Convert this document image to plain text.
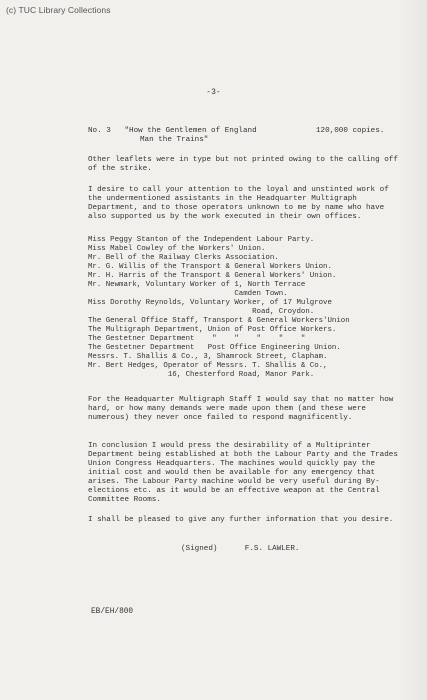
(c) TUC Library Collections
-3-
No. 3 "How the Gentlemen of England
Man the Trains"
120,000 copies.
Other leaflets were in type but not printed owing to the calling off of the strike.
I desire to call your attention to the loyal and unstinted work of the undermentioned assistants in the Headquarter Multigraph Department, and to those operators unknown to me by name who have also supported us by the work executed in their own offices.
Miss Peggy Stanton of the Independent Labour Party.
Miss Mabel Cowley of the Workers' Union.
Mr. Bell of the Railway Clerks Association.
Mr. G. Willis of the Transport & General Workers Union.
Mr. H. Harris of the Transport & General Workers' Union.
Mr. Newmark, Voluntary Worker of 1, North Terrace
Camden Town.
Miss Dorothy Reynolds, Voluntary Worker, of 17 Mulgrove
Road, Croydon.
The General Office Staff, Transport & General Workers'Union
The Multigraph Department, Union of Post Office Workers.
The Gestetner Department    "    "    "    "    "
The Gestetner Department   Post Office Engineering Union.
Messrs. T. Shallis & Co., 3, Shamrock Street, Clapham.
Mr. Bert Hedges, Operator of Messrs. T. Shallis & Co.,
16, Chesterford Road, Manor Park.
For the Headquarter Multigraph Staff I would say that no matter how hard, or how many demands were made upon them (and these were numerous) they never once failed to respond magnificently.
In conclusion I would press the desirability of a Multiprinter Department being established at both the Labour Party and the Trades Union Congress Headquarters. The machines would quickly pay the initial cost and would then be available for any emergency that arises. The Labour Party machine would be very useful during By-elections etc. as it would be an effective weapon at the Central Committee Rooms.
I shall be pleased to give any further information that you desire.
(Signed)      F.S. LAWLER.
EB/EH/800
